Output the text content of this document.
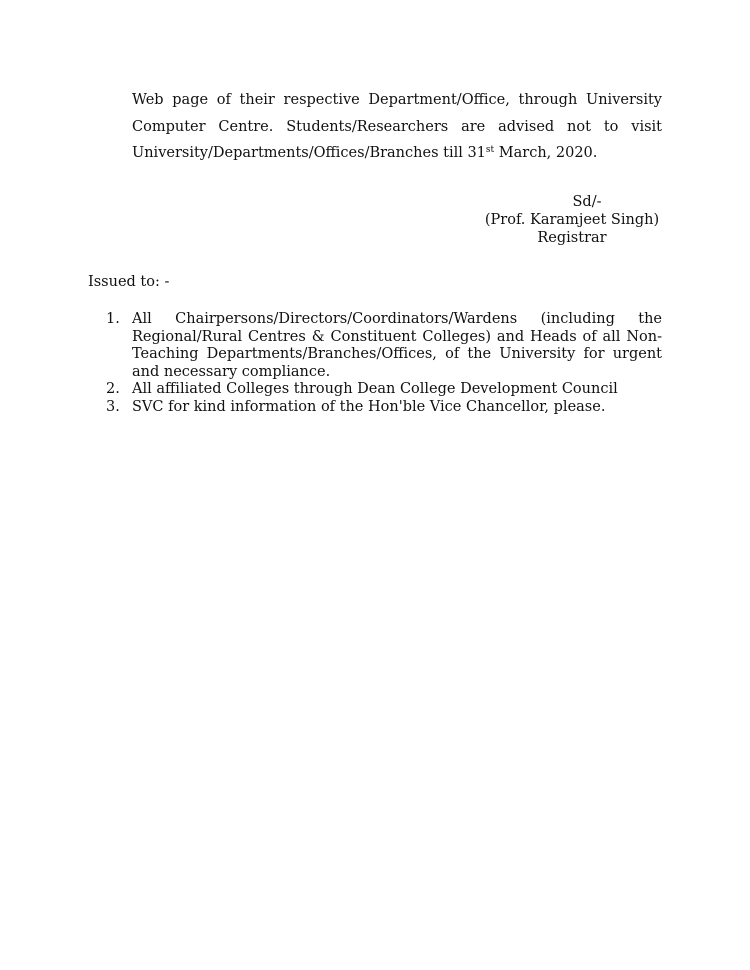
Web page of their respective Department/Office, through University
Computer Centre. Students/Researchers are advised not to visit
University/Departments/Offices/Branches till 31st March, 2020.
Sd/-
(Prof. Karamjeet Singh)
Registrar

Issued to: -

1. All Chairpersons/Directors/Coordinators/Wardens (including the Regional/Rural Centres & Constituent Colleges) and Heads of all Non-Teaching Departments/Branches/Offices, of the University for urgent and necessary compliance.
2. All affiliated Colleges through Dean College Development Council
3. SVC for kind information of the Hon'ble Vice Chancellor, please.
